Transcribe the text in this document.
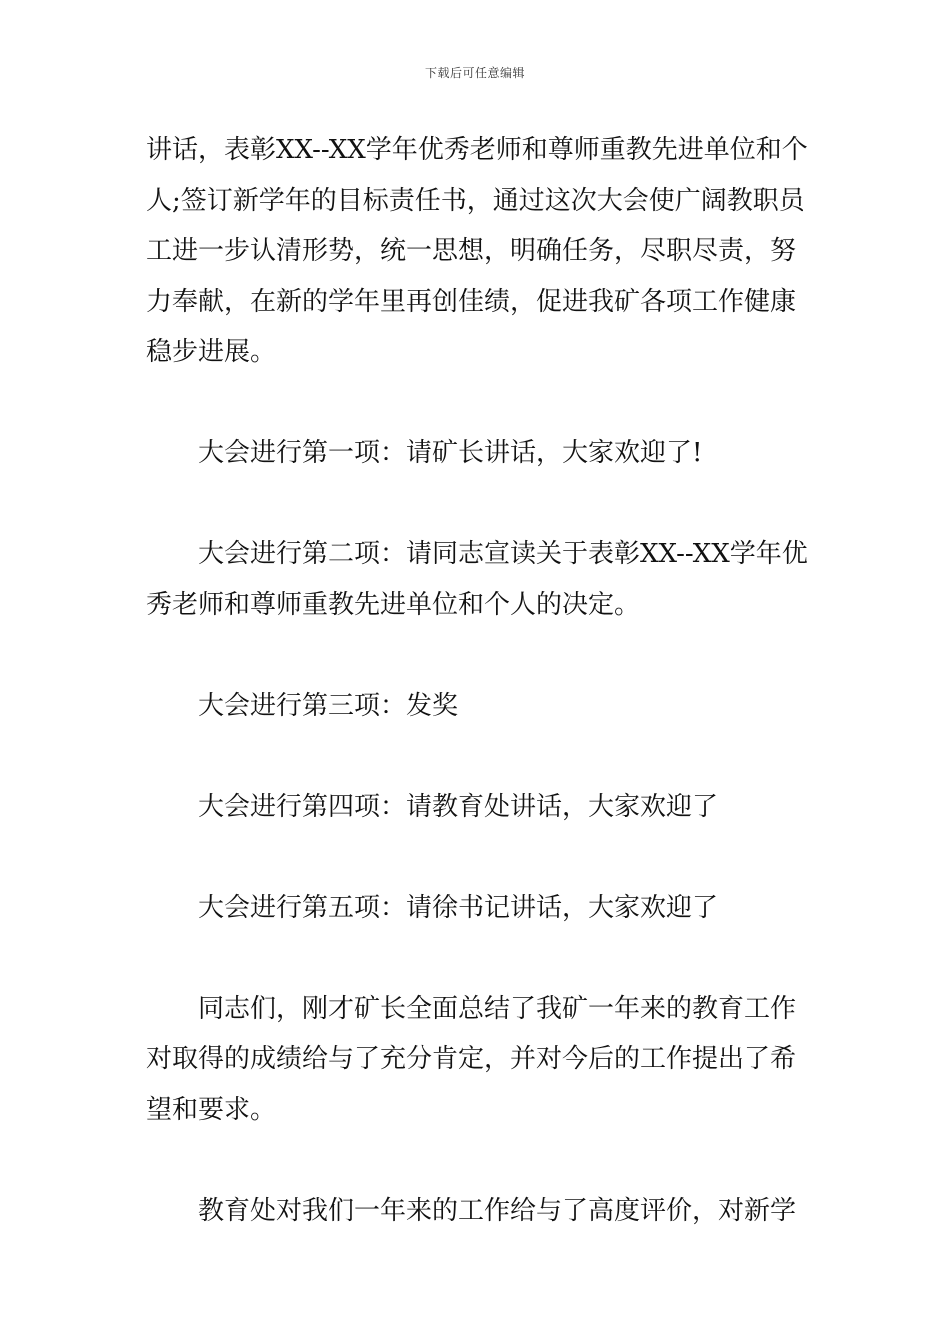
下载后可任意编辑

讲话，表彰XX--XX学年优秀老师和尊师重教先进单位和个

人;签订新学年的目标责任书，通过这次大会使广阔教职员

工进一步认清形势，统一思想，明确任务，尽职尽责，努

力奉献，在新的学年里再创佳绩，促进我矿各项工作健康

稳步进展。

　　大会进行第一项：请矿长讲话，大家欢迎了!

　　大会进行第二项：请同志宣读关于表彰XX--XX学年优

秀老师和尊师重教先进单位和个人的决定。

　　大会进行第三项：发奖

　　大会进行第四项：请教育处讲话，大家欢迎了

　　大会进行第五项：请徐书记讲话，大家欢迎了

　　同志们，刚才矿长全面总结了我矿一年来的教育工作

对取得的成绩给与了充分肯定，并对今后的工作提出了希

望和要求。

　　教育处对我们一年来的工作给与了高度评价，对新学
